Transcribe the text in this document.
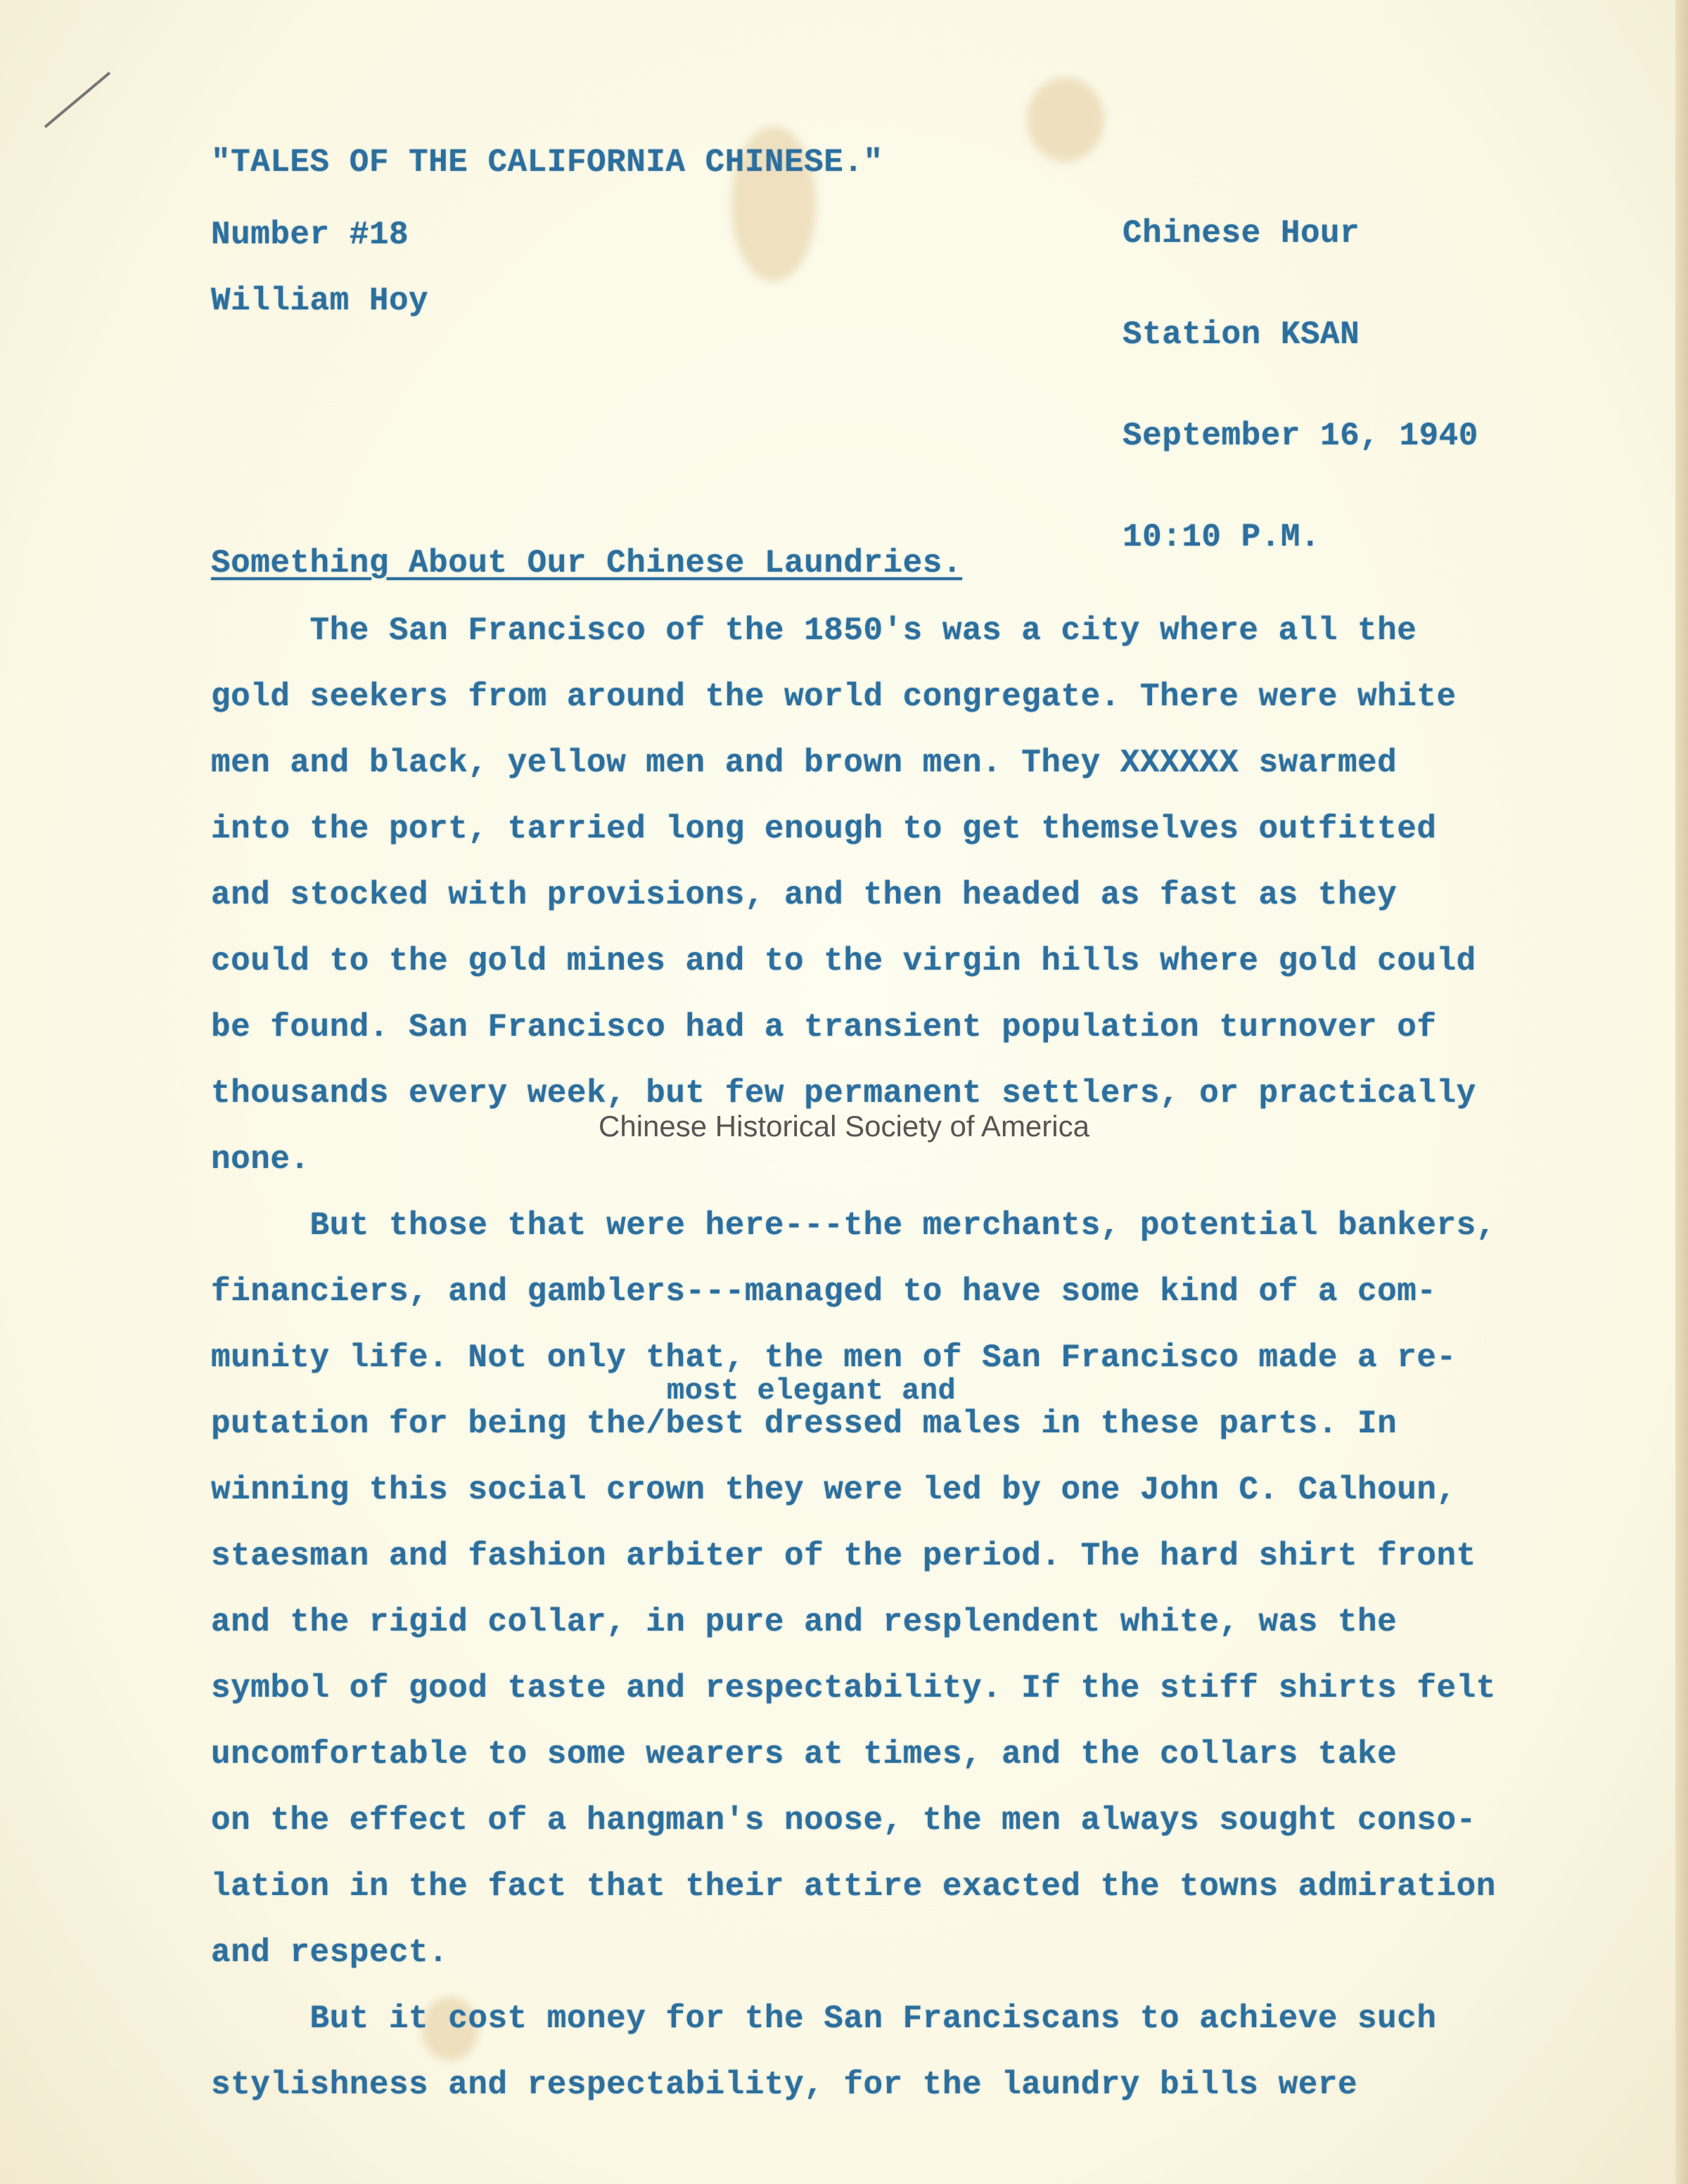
"TALES OF THE CALIFORNIA CHINESE."
Number #18
William Hoy

Chinese Hour

Station KSAN

September 16, 1940

10:10 P.M.

Something About Our Chinese Laundries.
The San Francisco of the 1850's was a city where all the
gold seekers from around the world congregate. There were white
men and black, yellow men and brown men. They XXXXXX swarmed
into the port, tarried long enough to get themselves outfitted
and stocked with provisions, and then headed as fast as they
could to the gold mines and to the virgin hills where gold could
be found. San Francisco had a transient population turnover of
thousands every week, but few permanent settlers, or practically
none.
But those that were here---the merchants, potential bankers,
financiers, and gamblers---managed to have some kind of a com-
munity life. Not only that, the men of San Francisco made a re-
putation for being the/best dressed males in these parts. In
winning this social crown they were led by one John C. Calhoun,
staesman and fashion arbiter of the period. The hard shirt front
and the rigid collar, in pure and resplendent white, was the
symbol of good taste and respectability. If the stiff shirts felt
uncomfortable to some wearers at times, and the collars take
on the effect of a hangman's noose, the men always sought conso-
lation in the fact that their attire exacted the towns admiration
and respect.
But it cost money for the San Franciscans to achieve such
stylishness and respectability, for the laundry bills were
most elegant and
Chinese Historical Society of America
